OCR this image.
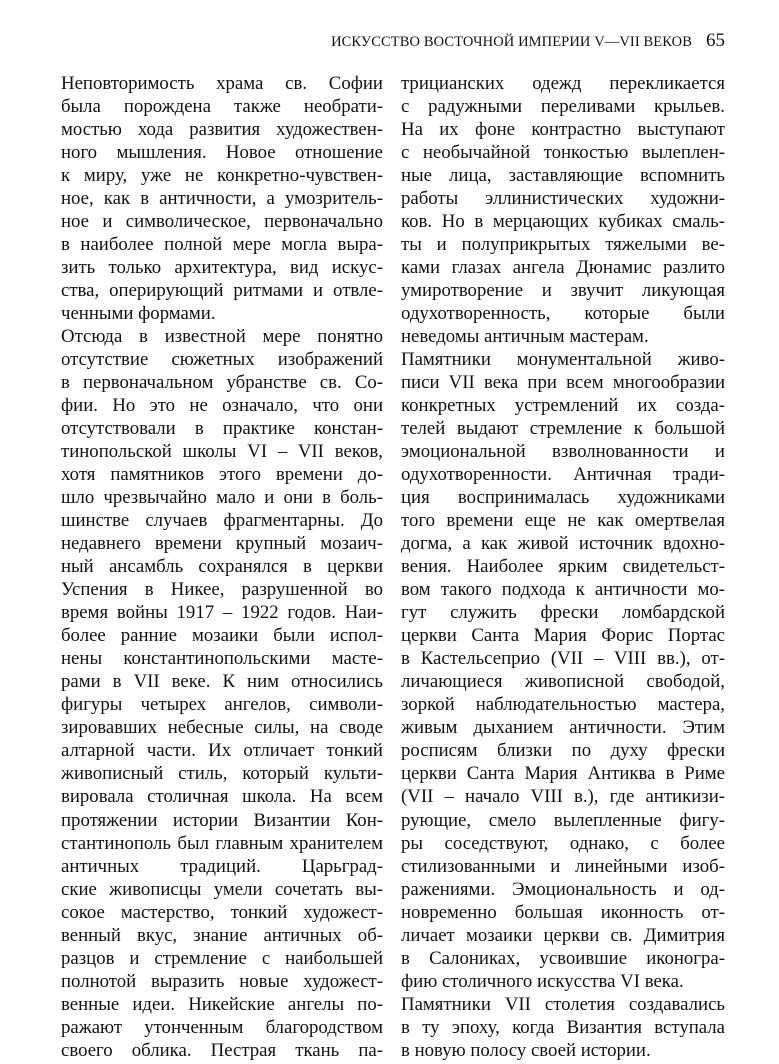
ИСКУССТВО ВОСТОЧНОЙ ИМПЕРИИ V—VII ВЕКОВ 65
Неповторимость храма св. Софии
была порождена также необрати-
мостью хода развития художествен-
ного мышления. Новое отношение
к миру, уже не конкретно-чувствен-
ное, как в античности, а умозритель-
ное и символическое, первоначально
в наиболее полной мере могла выра-
зить только архитектура, вид искус-
ства, оперирующий ритмами и отвле-
ченными формами.
Отсюда в известной мере понятно
отсутствие сюжетных изображений
в первоначальном убранстве св. Со-
фии. Но это не означало, что они
отсутствовали в практике констан-
тинопольской школы VI – VII веков,
хотя памятников этого времени до-
шло чрезвычайно мало и они в боль-
шинстве случаев фрагментарны. До
недавнего времени крупный мозаич-
ный ансамбль сохранялся в церкви
Успения в Никее, разрушенной во
время войны 1917 – 1922 годов. Наи-
более ранние мозаики были испол-
нены константинопольскими масте-
рами в VII веке. К ним относились
фигуры четырех ангелов, символи-
зировавших небесные силы, на своде
алтарной части. Их отличает тонкий
живописный стиль, который культи-
вировала столичная школа. На всем
протяжении истории Византии Кон-
стантинополь был главным хранителем
античных традиций. Царьград-
ские живописцы умели сочетать вы-
сокое мастерство, тонкий художест-
венный вкус, знание античных об-
разцов и стремление с наибольшей
полнотой выразить новые художест-
венные идеи. Никейские ангелы по-
ражают утонченным благородством
своего облика. Пестрая ткань па-
трицианских одежд перекликается
с радужными переливами крыльев.
На их фоне контрастно выступают
с необычайной тонкостью вылеплен-
ные лица, заставляющие вспомнить
работы эллинистических художни-
ков. Но в мерцающих кубиках смаль-
ты и полуприкрытых тяжелыми ве-
ками глазах ангела Дюнамис разлито
умиротворение и звучит ликующая
одухотворенность, которые были
неведомы античным мастерам.
Памятники монументальной живо-
писи VII века при всем многообразии
конкретных устремлений их созда-
телей выдают стремление к большой
эмоциональной взволнованности и
одухотворенности. Античная тради-
ция воспринималась художниками
того времени еще не как омертвелая
догма, а как живой источник вдохно-
вения. Наиболее ярким свидетельст-
вом такого подхода к античности мо-
гут служить фрески ломбардской
церкви Санта Мария Форис Портас
в Кастельсеприо (VII – VIII вв.), от-
личающиеся живописной свободой,
зоркой наблюдательностью мастера,
живым дыханием античности. Этим
росписям близки по духу фрески
церкви Санта Мария Антиква в Риме
(VII – начало VIII в.), где антикизи-
рующие, смело вылепленные фигу-
ры соседствуют, однако, с более
стилизованными и линейными изоб-
ражениями. Эмоциональность и од-
новременно большая иконность от-
личает мозаики церкви св. Димитрия
в Салониках, усвоившие иконогра-
фию столичного искусства VI века.
Памятники VII столетия создавались
в ту эпоху, когда Византия вступала
в новую полосу своей истории.
